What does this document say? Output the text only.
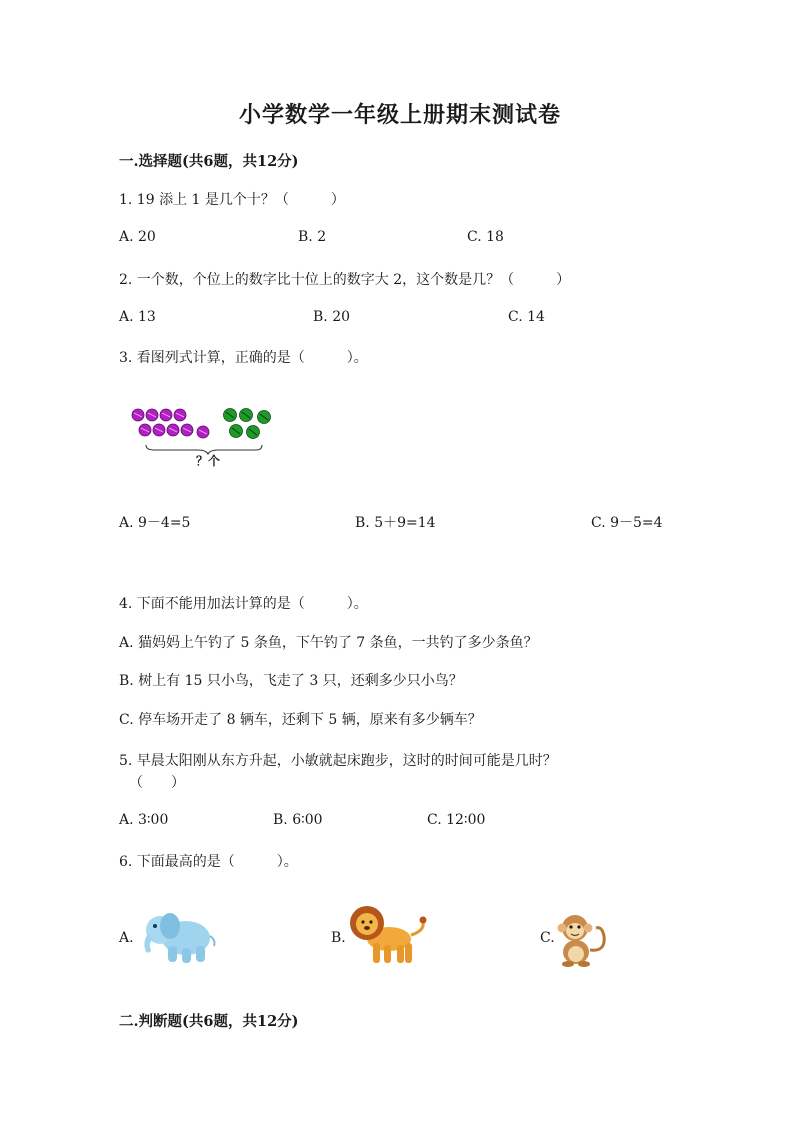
小学数学一年级上册期末测试卷
一.选择题(共6题，共12分)
1. 19 添上 1 是几个十？（　　　）
A. 20	B. 2	C. 18
2. 一个数，个位上的数字比十位上的数字大 2，这个数是几？（　　　）
A. 13	B. 20	C. 14
3. 看图列式计算，正确的是（　　　）。
？个
A. 9－4=5	B. 5＋9=14	C. 9－5=4
4. 下面不能用加法计算的是（　　　）。
A. 猫妈妈上午钓了 5 条鱼，下午钓了 7 条鱼，一共钓了多少条鱼？
B. 树上有 15 只小鸟，飞走了 3 只，还剩多少只小鸟？
C. 停车场开走了 8 辆车，还剩下 5 辆，原来有多少辆车？
5. 早晨太阳刚从东方升起，小敏就起床跑步，这时的时间可能是几时？
（　　）
A. 3∶00	B. 6∶00	C. 12∶00
6. 下面最高的是（　　　）。
A.	B.	C.
二.判断题(共6题，共12分)
